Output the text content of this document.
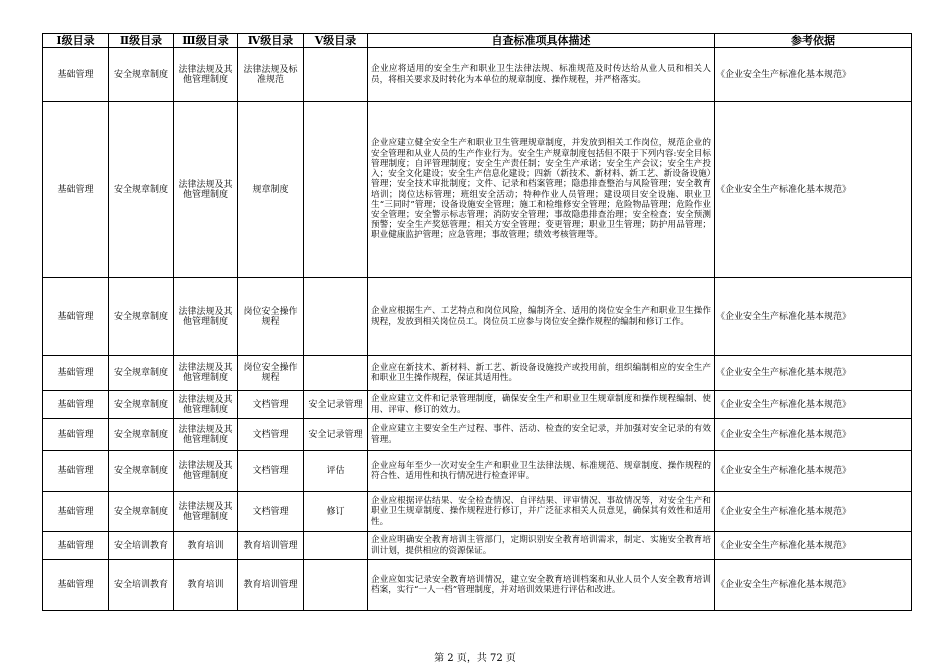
Ⅰ级目录	Ⅱ级目录	Ⅲ级目录	Ⅳ级目录	Ⅴ级目录	自查标准项具体描述	参考依据
基础管理	安全规章制度	法律法规及其他管理制度	法律法规及标准规范		企业应将适用的安全生产和职业卫生法律法规、标准规范及时传达给从业人员和相关人员，将相关要求及时转化为本单位的规章制度、操作规程，并严格落实。	《企业安全生产标准化基本规范》
基础管理	安全规章制度	法律法规及其他管理制度	规章制度		企业应建立健全安全生产和职业卫生管理规章制度，并发放到相关工作岗位，规范企业的安全管理和从业人员的生产作业行为。安全生产规章制度包括但不限于下列内容:安全目标管理制度；自评管理制度；安全生产责任制；安全生产承诺；安全生产会议；安全生产投入；安全文化建设；安全生产信息化建设；四新（新技术、新材料、新工艺、新设备设施）管理；安全技术审批制度；文件、记录和档案管理；隐患排查整治与风险管理；安全教育培训；岗位达标管理；班组安全活动；特种作业人员管理；建设项目安全设施、职业卫生“三同时”管理；设备设施安全管理；施工和检维修安全管理；危险物品管理；危险作业安全管理；安全警示标志管理；消防安全管理；事故隐患排查治理；安全检查；安全预测预警；安全生产奖惩管理；相关方安全管理；变更管理；职业卫生管理；防护用品管理；职业健康监护管理；应急管理；事故管理；绩效考核管理等。	《企业安全生产标准化基本规范》
基础管理	安全规章制度	法律法规及其他管理制度	岗位安全操作规程		企业应根据生产、工艺特点和岗位风险，编制齐全、适用的岗位安全生产和职业卫生操作规程，发放到相关岗位员工。岗位员工应参与岗位安全操作规程的编制和修订工作。	《企业安全生产标准化基本规范》
基础管理	安全规章制度	法律法规及其他管理制度	岗位安全操作规程		企业应在新技术、新材料、新工艺、新设备设施投产或投用前，组织编制相应的安全生产和职业卫生操作规程，保证其适用性。	《企业安全生产标准化基本规范》
基础管理	安全规章制度	法律法规及其他管理制度	文档管理	安全记录管理	企业应建立文件和记录管理制度，确保安全生产和职业卫生规章制度和操作规程编制、使用、评审、修订的效力。	《企业安全生产标准化基本规范》
基础管理	安全规章制度	法律法规及其他管理制度	文档管理	安全记录管理	企业应建立主要安全生产过程、事件、活动、检查的安全记录，并加强对安全记录的有效管理。	《企业安全生产标准化基本规范》
基础管理	安全规章制度	法律法规及其他管理制度	文档管理	评估	企业应每年至少一次对安全生产和职业卫生法律法规、标准规范、规章制度、操作规程的符合性、适用性和执行情况进行检查评审。	《企业安全生产标准化基本规范》
基础管理	安全规章制度	法律法规及其他管理制度	文档管理	修订	企业应根据评估结果、安全检查情况、自评结果、评审情况、事故情况等，对安全生产和职业卫生规章制度、操作规程进行修订，并广泛征求相关人员意见，确保其有效性和适用性。	《企业安全生产标准化基本规范》
基础管理	安全培训教育	教育培训	教育培训管理		企业应明确安全教育培训主管部门，定期识别安全教育培训需求，制定、实施安全教育培训计划，提供相应的资源保证。	《企业安全生产标准化基本规范》
基础管理	安全培训教育	教育培训	教育培训管理		企业应如实记录安全教育培训情况，建立安全教育培训档案和从业人员个人安全教育培训档案，实行“一人一档”管理制度，并对培训效果进行评估和改进。	《企业安全生产标准化基本规范》
第 2 页，共 72 页
